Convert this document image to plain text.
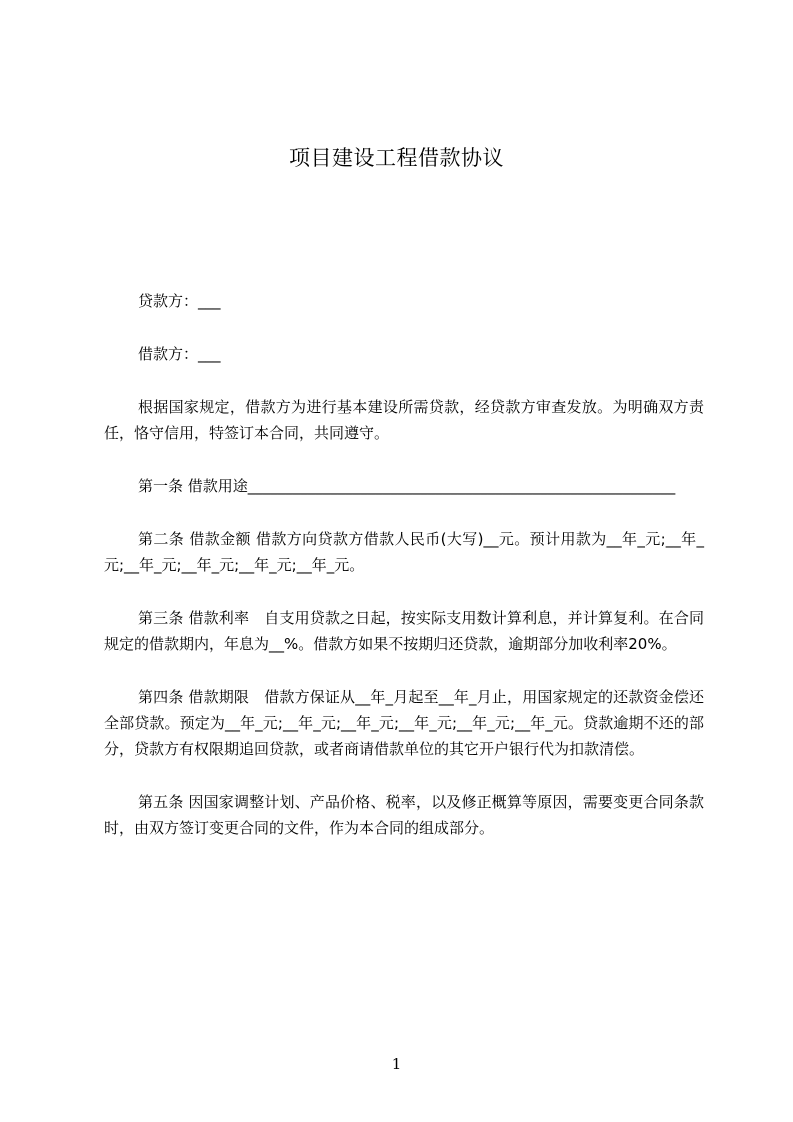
项目建设工程借款协议

贷款方：___

借款方：___

根据国家规定，借款方为进行基本建设所需贷款，经贷款方审查发放。为明确双方责任，恪守信用，特签订本合同，共同遵守。

第一条 借款用途_________________________________________________________

第二条 借款金额 借款方向贷款方借款人民币(大写)__元。预计用款为__年_元;__年_元;__年_元;__年_元;__年_元;__年_元。

第三条 借款利率　自支用贷款之日起，按实际支用数计算利息，并计算复利。在合同规定的借款期内，年息为__%。借款方如果不按期归还贷款，逾期部分加收利率20%。

第四条 借款期限　借款方保证从__年_月起至__年_月止，用国家规定的还款资金偿还全部贷款。预定为__年_元;__年_元;__年_元;__年_元;__年_元;__年_元。贷款逾期不还的部分，贷款方有权限期追回贷款，或者商请借款单位的其它开户银行代为扣款清偿。

第五条 因国家调整计划、产品价格、税率，以及修正概算等原因，需要变更合同条款时，由双方签订变更合同的文件，作为本合同的组成部分。

1
